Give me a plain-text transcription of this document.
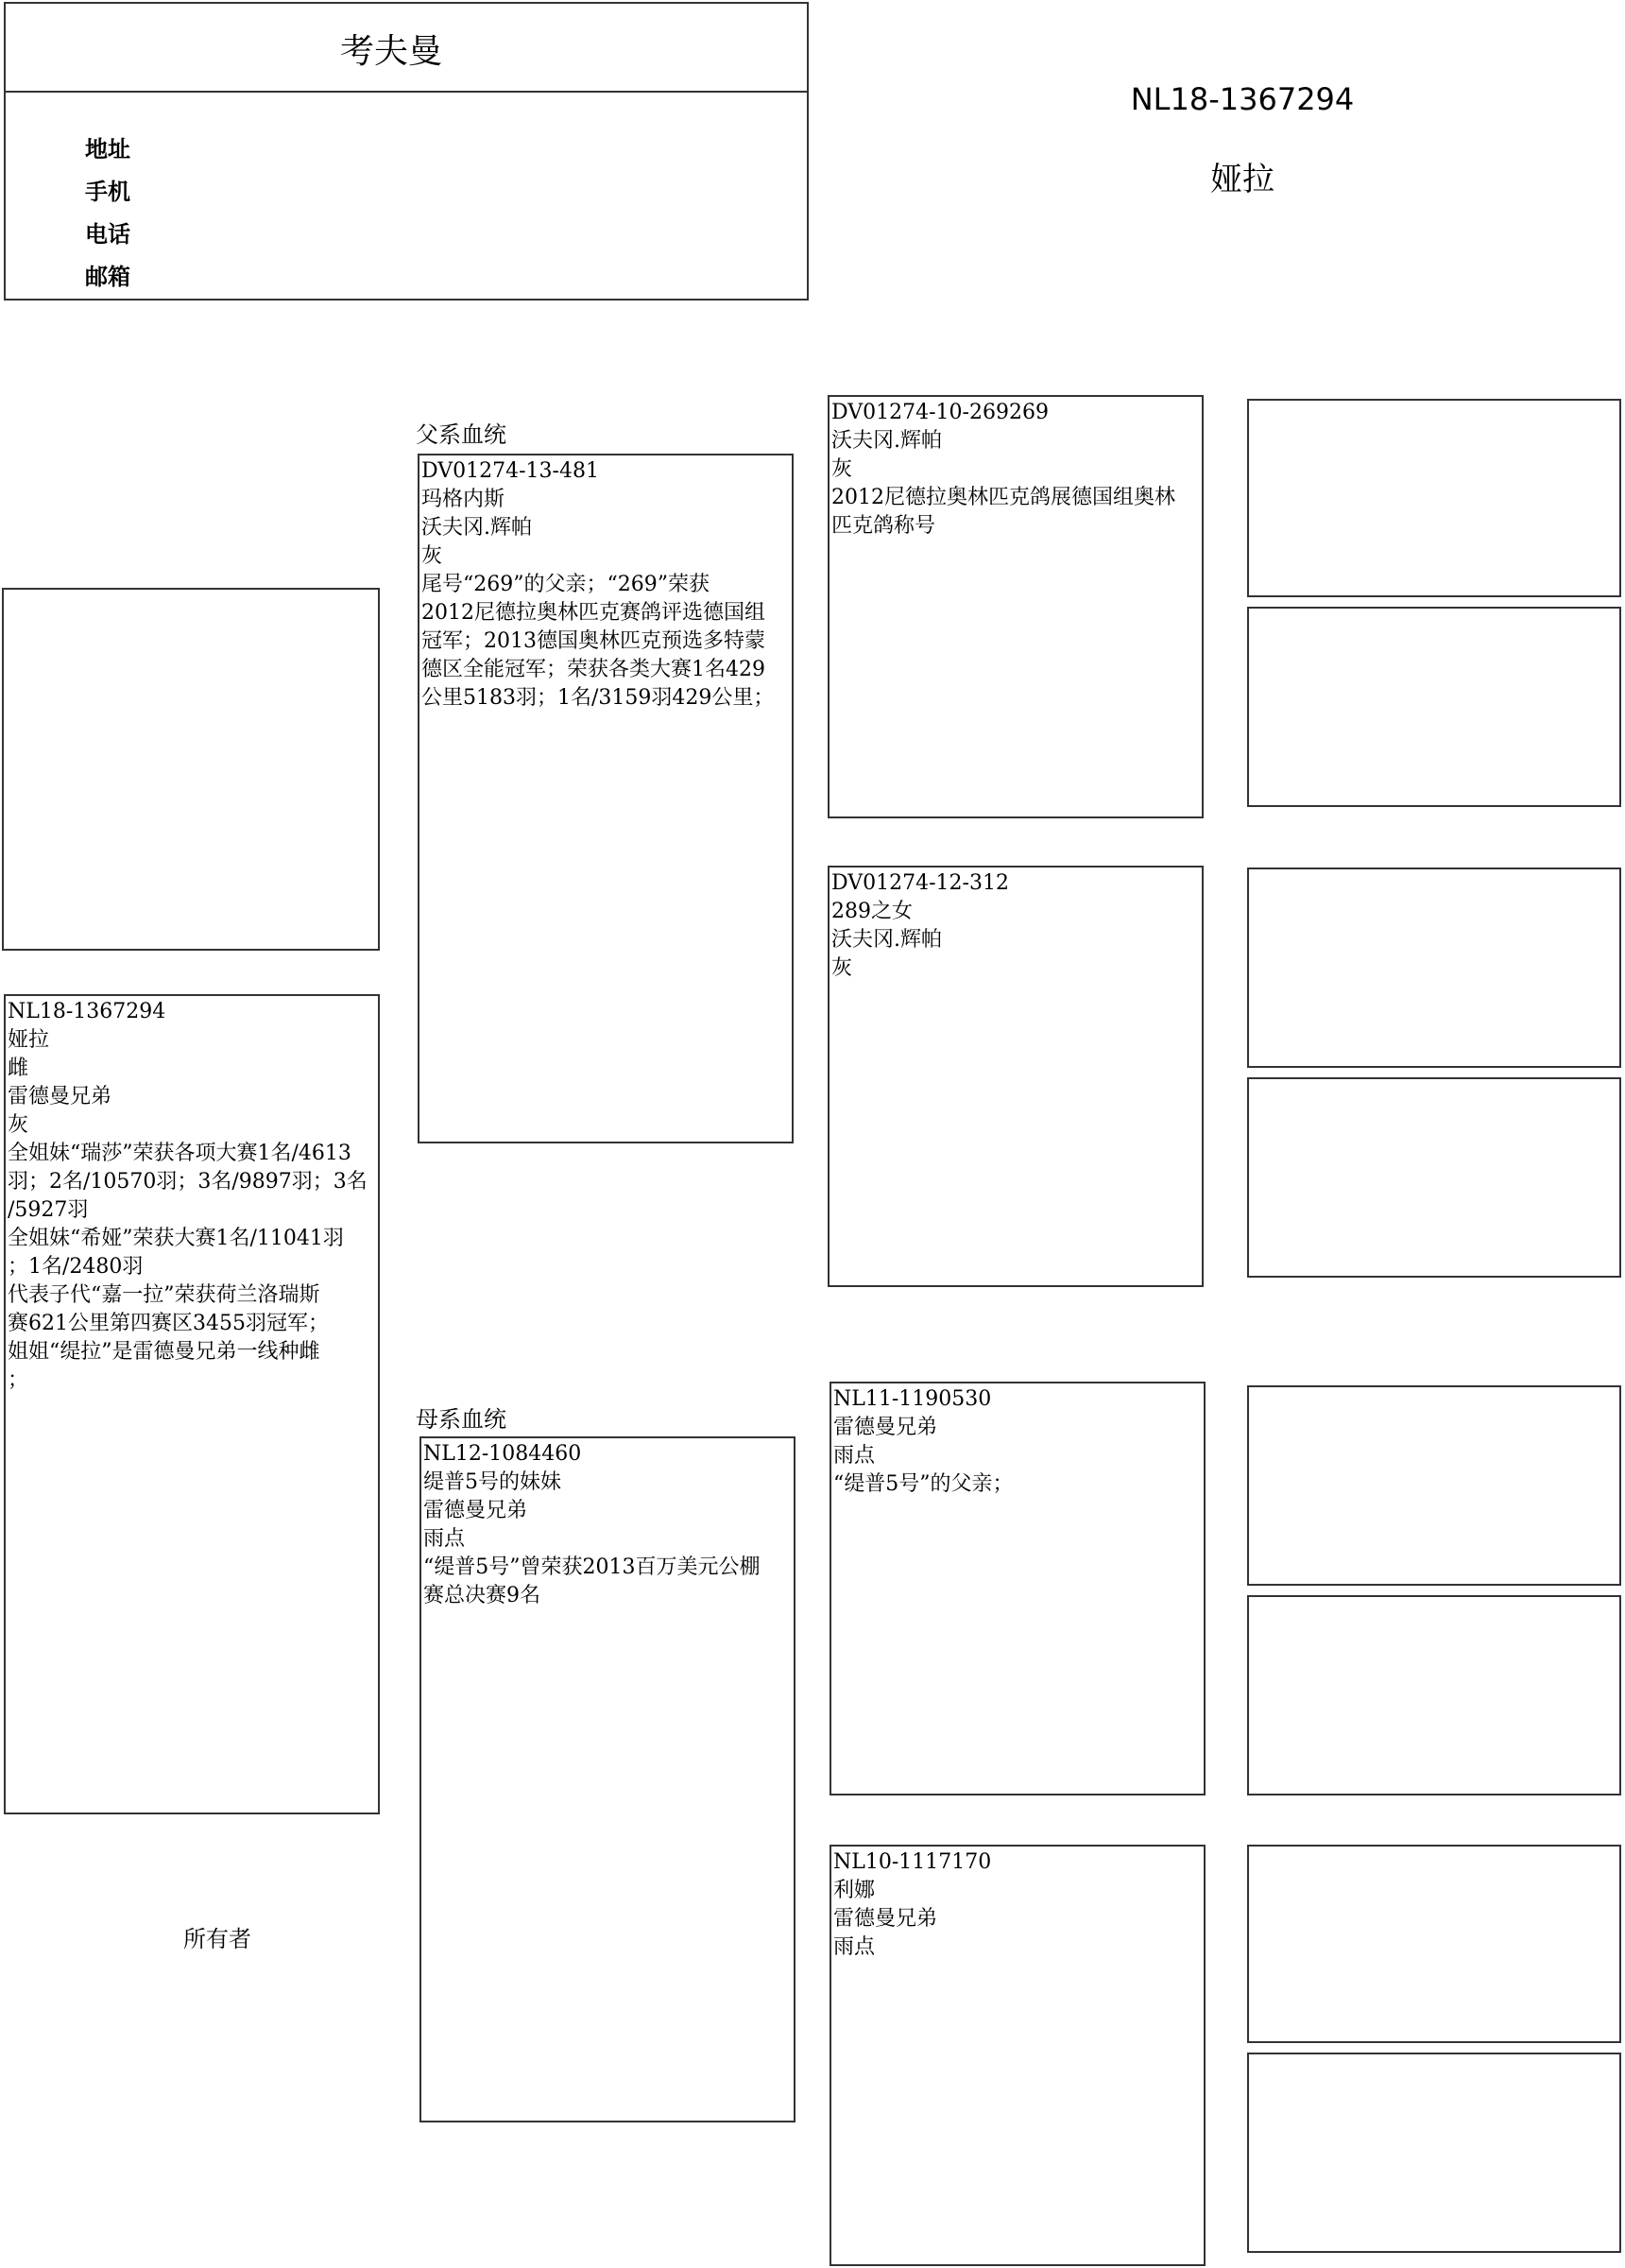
考夫曼
地址
手机
电话
邮箱
NL18-1367294
娅拉
NL18-1367294
娅拉
雌
雷德曼兄弟
灰
全姐妹“瑞莎”荣获各项大赛1名/4613
羽；2名/10570羽；3名/9897羽；3名
/5927羽
全姐妹“希娅”荣获大赛1名/11041羽
；1名/2480羽
代表子代“嘉一拉”荣获荷兰洛瑞斯
赛621公里第四赛区3455羽冠军；
姐姐“缇拉”是雷德曼兄弟一线种雌
；
所有者
父系血统
DV01274-13-481
玛格内斯
沃夫冈.辉帕
灰
尾号“269”的父亲；“269”荣获
2012尼德拉奥林匹克赛鸽评选德国组
冠军；2013德国奥林匹克预选多特蒙
德区全能冠军；荣获各类大赛1名429
公里5183羽；1名/3159羽429公里；
母系血统
NL12-1084460
缇普5号的妹妹
雷德曼兄弟
雨点
“缇普5号”曾荣获2013百万美元公棚
赛总决赛9名
DV01274-10-269269
沃夫冈.辉帕
灰
2012尼德拉奥林匹克鸽展德国组奥林
匹克鸽称号
DV01274-12-312
289之女
沃夫冈.辉帕
灰
NL11-1190530
雷德曼兄弟
雨点
“缇普5号”的父亲；
NL10-1117170
利娜
雷德曼兄弟
雨点
